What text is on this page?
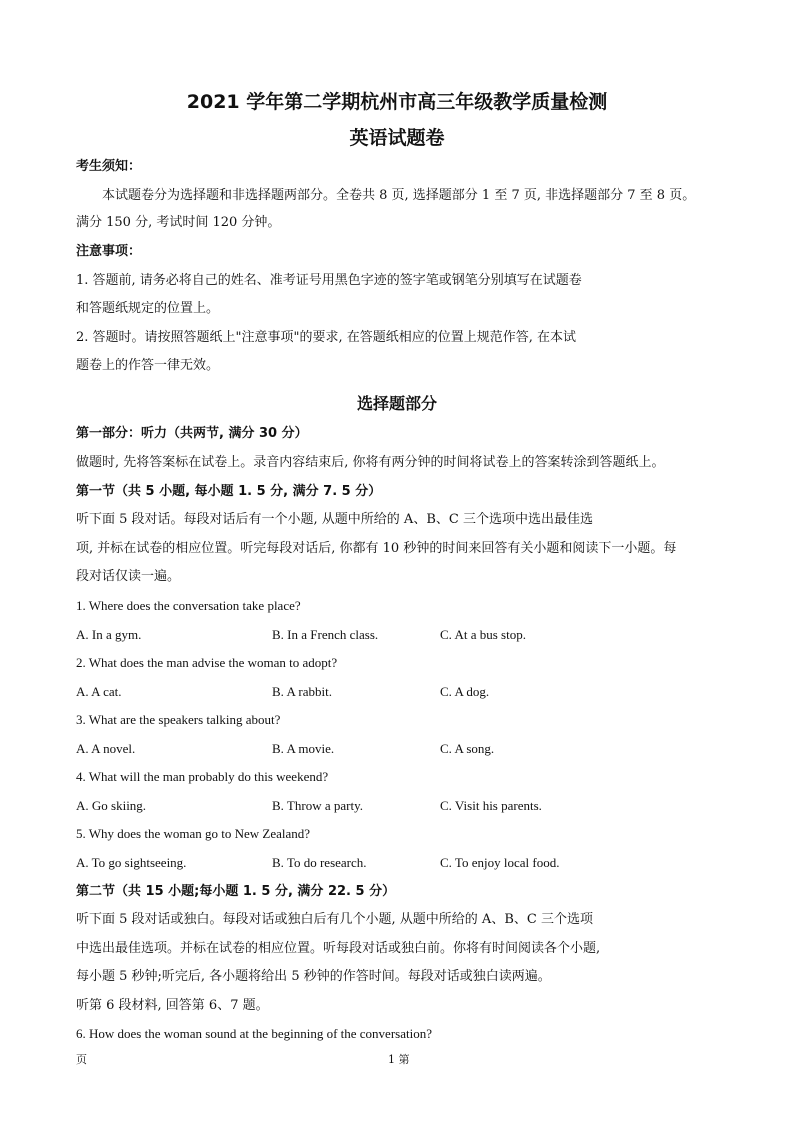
2021 学年第二学期杭州市高三年级教学质量检测
英语试题卷
考生须知：
本试题卷分为选择题和非选择题两部分。全卷共 8 页, 选择题部分 1 至 7 页, 非选择题部分 7 至 8 页。
满分 150 分, 考试时间 120 分钟。
注意事项：
1. 答题前, 请务必将自己的姓名、准考证号用黑色字迹的签字笔或钢笔分别填写在试题卷
和答题纸规定的位置上。
2. 答题时。请按照答题纸上"注意事项"的要求, 在答题纸相应的位置上规范作答, 在本试
题卷上的作答一律无效。
选择题部分
第一部分：听力（共两节, 满分 30 分）
做题时, 先将答案标在试卷上。录音内容结束后, 你将有两分钟的时间将试卷上的答案转涂到答题纸上。
第一节（共 5 小题, 每小题 1. 5 分, 满分 7. 5 分）
听下面 5 段对话。每段对话后有一个小题, 从题中所给的 A、B、C 三个选项中选出最佳选
项, 并标在试卷的相应位置。听完每段对话后, 你都有 10 秒钟的时间来回答有关小题和阅读下一小题。每
段对话仅读一遍。
1. Where does the conversation take place?
A. In a gym.	B. In a French class.	C. At a bus stop.
2. What does the man advise the woman to adopt?
A. A cat.	B. A rabbit.	C. A dog.
3. What are the speakers talking about?
A. A novel.	B. A movie.	C. A song.
4. What will the man probably do this weekend?
A. Go skiing.	B. Throw a party.	C. Visit his parents.
5. Why does the woman go to New Zealand?
A. To go sightseeing.	B. To do research.	C. To enjoy local food.
第二节（共 15 小题;每小题 1. 5 分, 满分 22. 5 分）
听下面 5 段对话或独白。每段对话或独白后有几个小题, 从题中所给的 A、B、C 三个选项
中选出最佳选项。并标在试卷的相应位置。听每段对话或独白前。你将有时间阅读各个小题,
每小题 5 秒钟;听完后, 各小题将给出 5 秒钟的作答时间。每段对话或独白读两遍。
听第 6 段材料, 回答第 6、7 题。
6. How does the woman sound at the beginning of the conversation?
页	1 第
